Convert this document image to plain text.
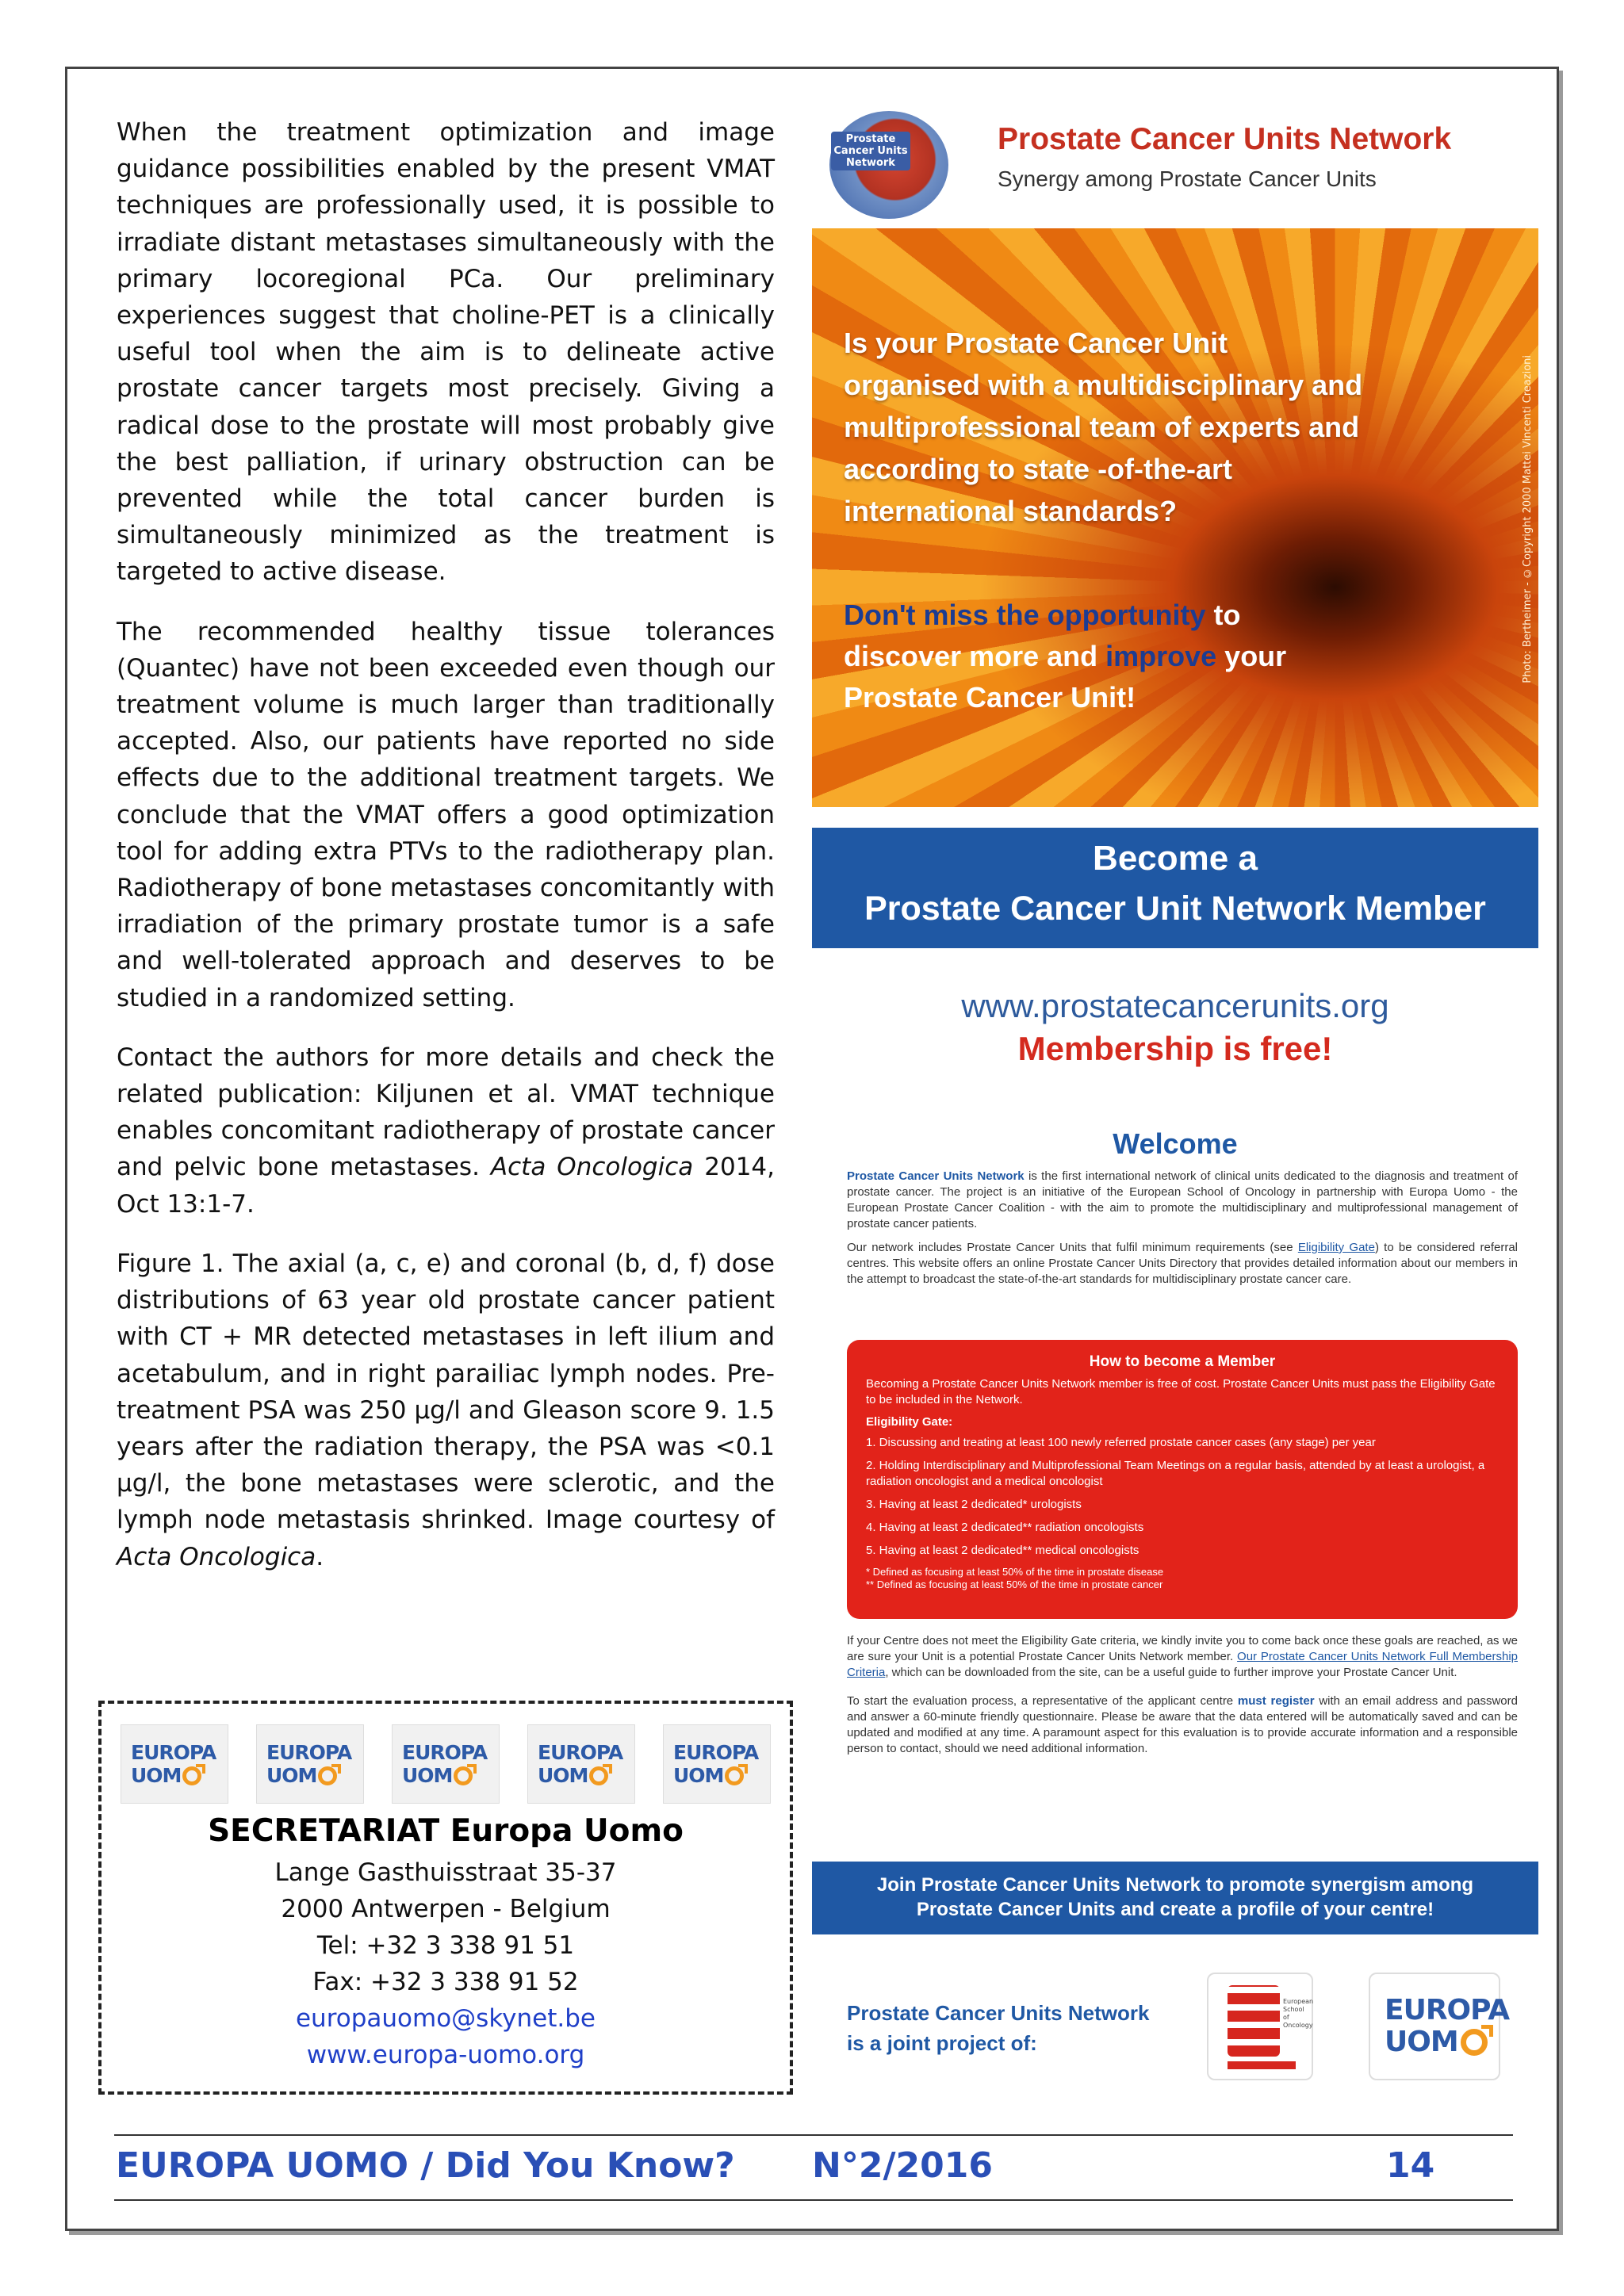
When the treatment optimization and image guidance possibilities enabled by the present VMAT techniques are professionally used, it is possible to irradiate distant metastases simultaneously with the primary locoregional PCa. Our preliminary experiences suggest that choline-PET is a clinically useful tool when the aim is to delineate active prostate cancer targets most precisely. Giving a radical dose to the prostate will most probably give the best palliation, if urinary obstruction can be prevented while the total cancer burden is simultaneously minimized as the treatment is targeted to active disease.

The recommended healthy tissue tolerances (Quantec) have not been exceeded even though our treatment volume is much larger than traditionally accepted. Also, our patients have reported no side effects due to the additional treatment targets. We conclude that the VMAT offers a good optimization tool for adding extra PTVs to the radiotherapy plan. Radiotherapy of bone metastases concomitantly with irradiation of the primary prostate tumor is a safe and well-tolerated approach and deserves to be studied in a randomized setting.

Contact the authors for more details and check the related publication: Kiljunen et al. VMAT technique enables concomitant radiotherapy of prostate cancer and pelvic bone metastases. Acta Oncologica 2014, Oct 13:1-7.

Figure 1. The axial (a, c, e) and coronal (b, d, f) dose distributions of 63 year old prostate cancer patient with CT + MR detected metastases in left ilium and acetabulum, and in right parailiac lymph nodes. Pre-treatment PSA was 250 µg/l and Gleason score 9. 1.5 years after the radiation therapy, the PSA was <0.1 µg/l, the bone metastases were sclerotic, and the lymph node metastasis shrinked. Image courtesy of Acta Oncologica.

EUROPA
UOM
EUROPA
UOM
EUROPA
UOM
EUROPA
UOM
EUROPA
UOM
SECRETARIAT Europa Uomo
Lange Gasthuisstraat 35-37
2000 Antwerpen - Belgium
Tel: +32 3 338 91 51
Fax: +32 3 338 91 52
europauomo@skynet.be
www.europa-uomo.org
EUROPA UOMO / Did You Know? N°2/2016	14
Prostate Cancer Units Network
Prostate Cancer Units Network
Synergy among Prostate Cancer Units
Is your Prostate Cancer Unit organised with a multidisciplinary and multiprofessional team of experts and according to state -of-the-art international standards?
Don't miss the opportunity to discover more and improve your Prostate Cancer Unit!
Photo: Bertheimer - ©Copyright 2000 Mattei Vincenti Creazioni
Become a
Prostate Cancer Unit Network Member
www.prostatecancerunits.org
Membership is free!
Welcome
Prostate Cancer Units Network is the first international network of clinical units dedicated to the diagnosis and treatment of prostate cancer. The project is an initiative of the European School of Oncology in partnership with Europa Uomo - the European Prostate Cancer Coalition - with the aim to promote the multidisciplinary and multiprofessional management of prostate cancer patients.
Our network includes Prostate Cancer Units that fulfil minimum requirements (see Eligibility Gate) to be considered referral centres. This website offers an online Prostate Cancer Units Directory that provides detailed information about our members in the attempt to broadcast the state-of-the-art standards for multidisciplinary prostate cancer care.
How to become a Member
Becoming a Prostate Cancer Units Network member is free of cost. Prostate Cancer Units must pass the Eligibility Gate to be included in the Network.
Eligibility Gate:
1. Discussing and treating at least 100 newly referred prostate cancer cases (any stage) per year
2. Holding Interdisciplinary and Multiprofessional Team Meetings on a regular basis, attended by at least a urologist, a radiation oncologist and a medical oncologist
3. Having at least 2 dedicated* urologists
4. Having at least 2 dedicated** radiation oncologists
5. Having at least 2 dedicated** medical oncologists
* Defined as focusing at least 50% of the time in prostate disease
** Defined as focusing at least 50% of the time in prostate cancer
If your Centre does not meet the Eligibility Gate criteria, we kindly invite you to come back once these goals are reached, as we are sure your Unit is a potential Prostate Cancer Units Network member. Our Prostate Cancer Units Network Full Membership Criteria, which can be downloaded from the site, can be a useful guide to further improve your Prostate Cancer Unit.
To start the evaluation process, a representative of the applicant centre must register with an email address and password and answer a 60-minute friendly questionnaire. Please be aware that the data entered will be automatically saved and can be updated and modified at any time. A paramount aspect for this evaluation is to provide accurate information and a responsible person to contact, should we need additional information.
Join Prostate Cancer Units Network to promote synergism among
Prostate Cancer Units and create a profile of your centre!
Prostate Cancer Units Network
is a joint project of:
European School of Oncology	EUROPA
UOM
